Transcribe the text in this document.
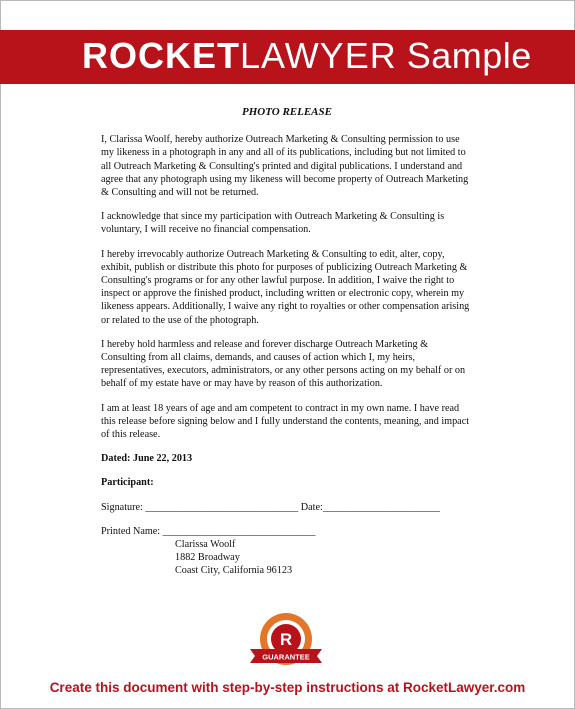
ROCKETLAWYER Sample
PHOTO RELEASE

I, Clarissa Woolf, hereby authorize Outreach Marketing & Consulting permission to use my likeness in a photograph in any and all of its publications, including but not limited to all Outreach Marketing & Consulting's printed and digital publications. I understand and agree that any photograph using my likeness will become property of Outreach Marketing & Consulting and will not be returned.

I acknowledge that since my participation with Outreach Marketing & Consulting is voluntary, I will receive no financial compensation.

I hereby irrevocably authorize Outreach Marketing & Consulting to edit, alter, copy, exhibit, publish or distribute this photo for purposes of publicizing Outreach Marketing & Consulting's programs or for any other lawful purpose. In addition, I waive the right to inspect or approve the finished product, including written or electronic copy, wherein my likeness appears. Additionally, I waive any right to royalties or other compensation arising or related to the use of the photograph.

I hereby hold harmless and release and forever discharge Outreach Marketing & Consulting from all claims, demands, and causes of action which I, my heirs, representatives, executors, administrators, or any other persons acting on my behalf or on behalf of my estate have or may have by reason of this authorization.

I am at least 18 years of age and am competent to contract in my own name. I have read this release before signing below and I fully understand the contents, meaning, and impact of this release.

Dated: June 22, 2013

Participant:

Signature: ______________________________ Date:_______________________
Printed Name: ______________________________
Clarissa Woolf
1882 Broadway
Coast City, California 96123
R
GUARANTEE
Create this document with step-by-step instructions at RocketLawyer.com
